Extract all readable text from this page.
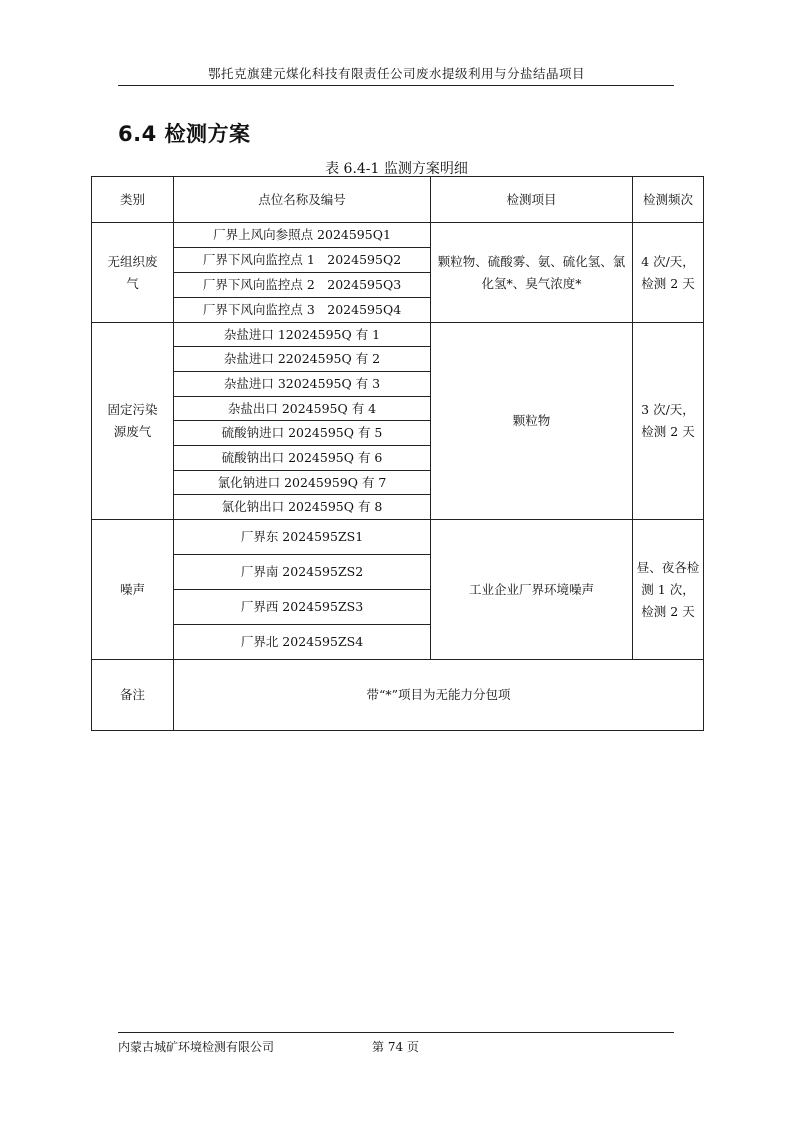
鄂托克旗建元煤化科技有限责任公司废水提级利用与分盐结晶项目
6.4 检测方案
表 6.4-1 监测方案明细
类别	点位名称及编号	检测项目	检测频次
无组织废气	厂界上风向参照点 2024595Q1	颗粒物、硫酸雾、氨、硫化氢、氯化氢*、臭气浓度*	4 次/天，检测 2 天
	厂界下风向监控点 1　2024595Q2		
	厂界下风向监控点 2　2024595Q3		
	厂界下风向监控点 3　2024595Q4		
固定污染源废气	杂盐进口 12024595Q 有 1	颗粒物	3 次/天，检测 2 天
	杂盐进口 22024595Q 有 2		
	杂盐进口 32024595Q 有 3		
	杂盐出口 2024595Q 有 4		
	硫酸钠进口 2024595Q 有 5		
	硫酸钠出口 2024595Q 有 6		
	氯化钠进口 20245959Q 有 7		
	氯化钠出口 2024595Q 有 8		
噪声	厂界东 2024595ZS1	工业企业厂界环境噪声	昼、夜各检测 1 次，检测 2 天
	厂界南 2024595ZS2		
	厂界西 2024595ZS3		
	厂界北 2024595ZS4		
备注	带“*”项目为无能力分包项		
内蒙古城矿环境检测有限公司	第 74 页
